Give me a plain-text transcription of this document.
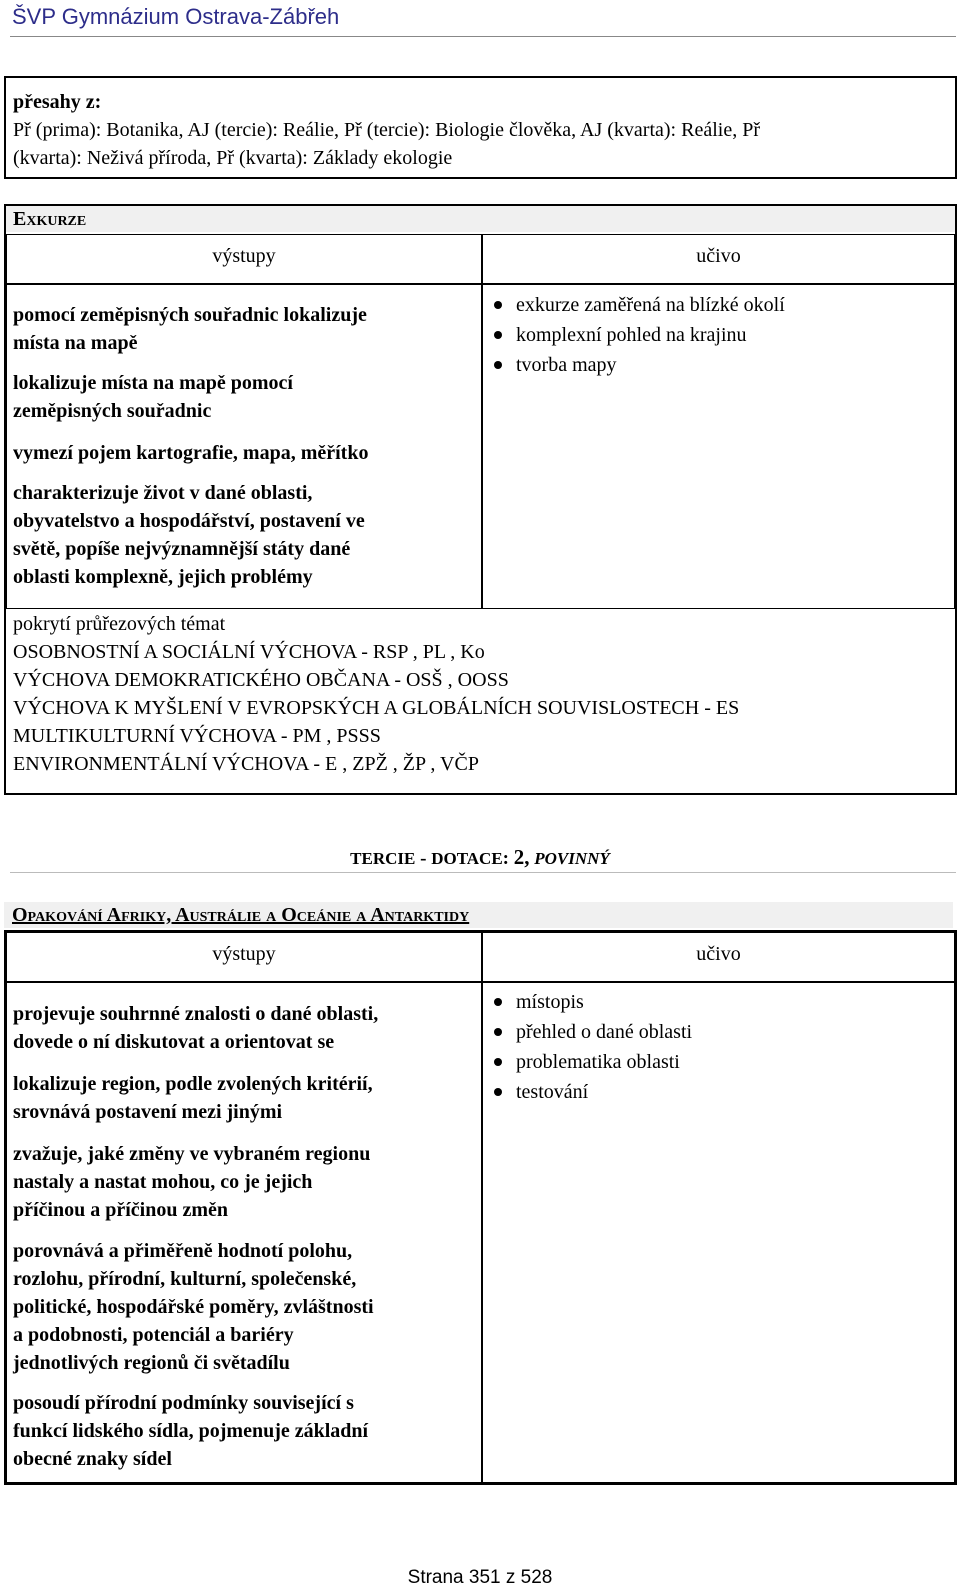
ŠVP Gymnázium Ostrava-Zábřeh
přesahy z:
Př (prima): Botanika, AJ (tercie): Reálie, Př (tercie): Biologie člověka, AJ (kvarta): Reálie, Př
(kvarta): Neživá příroda, Př (kvarta): Základy ekologie
Exkurze
výstupy	učivo
pomocí zeměpisných souřadnic lokalizuje
místa na mapě
lokalizuje místa na mapě pomocí
zeměpisných souřadnic
vymezí pojem kartografie, mapa, měřítko
charakterizuje život v dané oblasti,
obyvatelstvo a hospodářství, postavení ve
světě, popíše nejvýznamnější státy dané
oblasti komplexně, jejich problémy
exkurze zaměřená na blízké okolí
komplexní pohled na krajinu
tvorba mapy
pokrytí průřezových témat
OSOBNOSTNÍ A SOCIÁLNÍ VÝCHOVA - RSP , PL , Ko
VÝCHOVA DEMOKRATICKÉHO OBČANA - OSŠ , OOSS
VÝCHOVA K MYŠLENÍ V EVROPSKÝCH A GLOBÁLNÍCH SOUVISLOSTECH - ES
MULTIKULTURNÍ VÝCHOVA - PM , PSSS
ENVIRONMENTÁLNÍ VÝCHOVA - E , ZPŽ , ŽP , VČP
TERCIE - DOTACE: 2, POVINNÝ
Opakování Afriky, Austrálie a Oceánie a Antarktidy
výstupy	učivo
projevuje souhrnné znalosti o dané oblasti,
dovede o ní diskutovat a orientovat se
lokalizuje region, podle zvolených kritérií,
srovnává postavení mezi jinými
zvažuje, jaké změny ve vybraném regionu
nastaly a nastat mohou, co je jejich
příčinou a příčinou změn
porovnává a přiměřeně hodnotí polohu,
rozlohu, přírodní, kulturní, společenské,
politické, hospodářské poměry, zvláštnosti
a podobnosti, potenciál a bariéry
jednotlivých regionů či světadílu
posoudí přírodní podmínky související s
funkcí lidského sídla, pojmenuje základní
obecné znaky sídel
místopis
přehled o dané oblasti
problematika oblasti
testování
Strana 351 z 528
